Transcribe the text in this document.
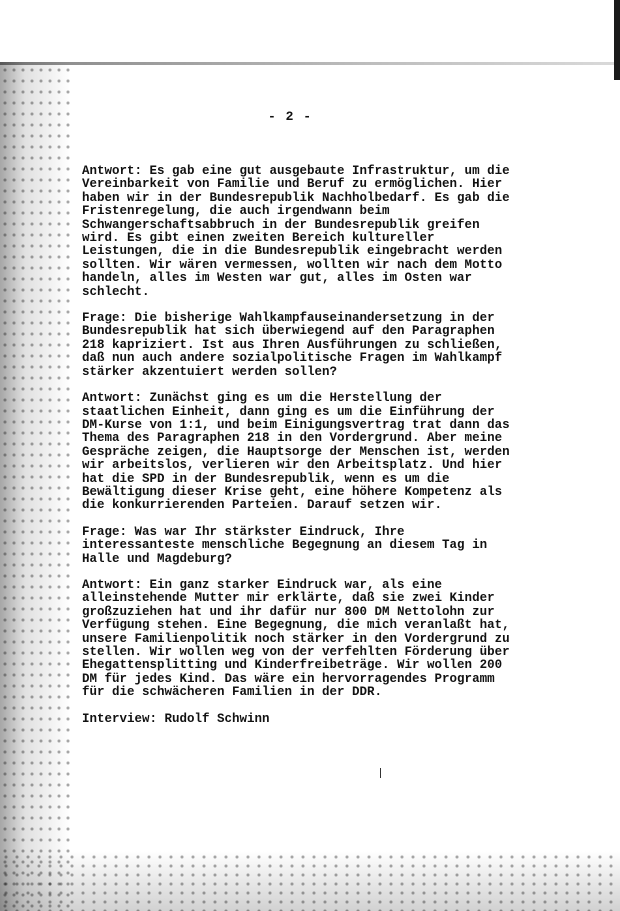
- 2 -
Antwort: Es gab eine gut ausgebaute Infrastruktur, um die
Vereinbarkeit von Familie und Beruf zu ermöglichen. Hier
haben wir in der Bundesrepublik Nachholbedarf. Es gab die
Fristenregelung, die auch irgendwann beim
Schwangerschaftsabbruch in der Bundesrepublik greifen
wird. Es gibt einen zweiten Bereich kultureller
Leistungen, die in die Bundesrepublik eingebracht werden
sollten. Wir wären vermessen, wollten wir nach dem Motto
handeln, alles im Westen war gut, alles im Osten war
schlecht.
Frage: Die bisherige Wahlkampfauseinandersetzung in der
Bundesrepublik hat sich überwiegend auf den Paragraphen
218 kapriziert. Ist aus Ihren Ausführungen zu schließen,
daß nun auch andere sozialpolitische Fragen im Wahlkampf
stärker akzentuiert werden sollen?
Antwort: Zunächst ging es um die Herstellung der
staatlichen Einheit, dann ging es um die Einführung der
DM-Kurse von 1:1, und beim Einigungsvertrag trat dann das
Thema des Paragraphen 218 in den Vordergrund. Aber meine
Gespräche zeigen, die Hauptsorge der Menschen ist, werden
wir arbeitslos, verlieren wir den Arbeitsplatz. Und hier
hat die SPD in der Bundesrepublik, wenn es um die
Bewältigung dieser Krise geht, eine höhere Kompetenz als
die konkurrierenden Parteien. Darauf setzen wir.
Frage: Was war Ihr stärkster Eindruck, Ihre
interessanteste menschliche Begegnung an diesem Tag in
Halle und Magdeburg?
Antwort: Ein ganz starker Eindruck war, als eine
alleinstehende Mutter mir erklärte, daß sie zwei Kinder
großzuziehen hat und ihr dafür nur 800 DM Nettolohn zur
Verfügung stehen. Eine Begegnung, die mich veranlaßt hat,
unsere Familienpolitik noch stärker in den Vordergrund zu
stellen. Wir wollen weg von der verfehlten Förderung über
Ehegattensplitting und Kinderfreibeträge. Wir wollen 200
DM für jedes Kind. Das wäre ein hervorragendes Programm
für die schwächeren Familien in der DDR.
Interview: Rudolf Schwinn
